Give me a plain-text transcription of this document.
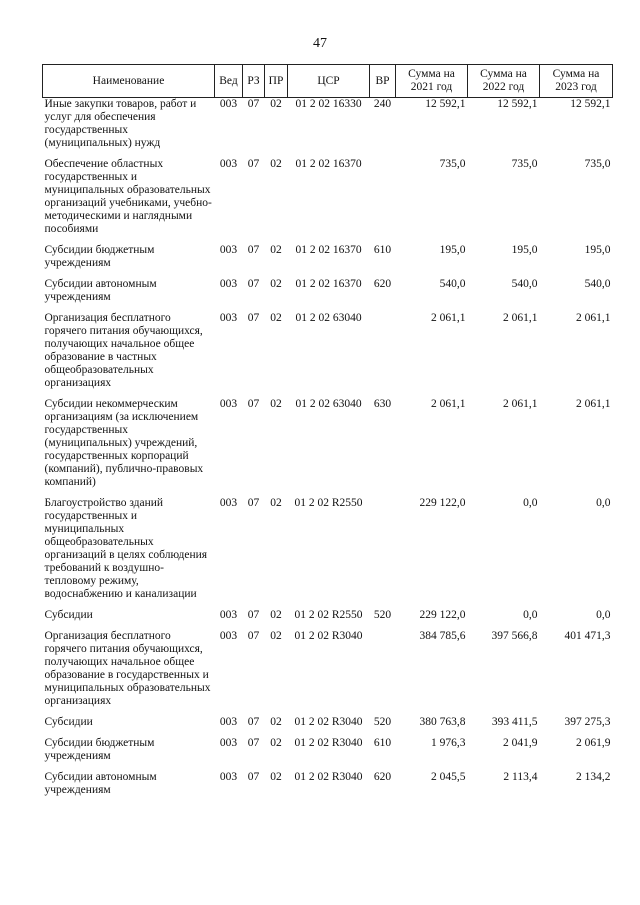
47
Наименование	Вед	РЗ	ПР	ЦСР	ВР	Сумма на 2021 год	Сумма на 2022 год	Сумма на 2023 год
Иные закупки товаров, работ и услуг для обеспечения государственных (муниципальных) нужд	003	07	02	01 2 02 16330	240	12 592,1	12 592,1	12 592,1
Обеспечение областных государственных и муниципальных образовательных организаций учебниками, учебно-методическими и наглядными пособиями	003	07	02	01 2 02 16370		735,0	735,0	735,0
Субсидии бюджетным учреждениям	003	07	02	01 2 02 16370	610	195,0	195,0	195,0
Субсидии автономным учреждениям	003	07	02	01 2 02 16370	620	540,0	540,0	540,0
Организация бесплатного горячего питания обучающихся, получающих начальное общее образование в частных общеобразовательных организациях	003	07	02	01 2 02 63040		2 061,1	2 061,1	2 061,1
Субсидии некоммерческим организациям (за исключением государственных (муниципальных) учреждений, государственных корпораций (компаний), публично-правовых компаний)	003	07	02	01 2 02 63040	630	2 061,1	2 061,1	2 061,1
Благоустройство зданий государственных и муниципальных общеобразовательных организаций в целях соблюдения требований к воздушно-тепловому режиму, водоснабжению и канализации	003	07	02	01 2 02 R2550		229 122,0	0,0	0,0
Субсидии	003	07	02	01 2 02 R2550	520	229 122,0	0,0	0,0
Организация бесплатного горячего питания обучающихся, получающих начальное общее образование в государственных и муниципальных образовательных организациях	003	07	02	01 2 02 R3040		384 785,6	397 566,8	401 471,3
Субсидии	003	07	02	01 2 02 R3040	520	380 763,8	393 411,5	397 275,3
Субсидии бюджетным учреждениям	003	07	02	01 2 02 R3040	610	1 976,3	2 041,9	2 061,9
Субсидии автономным учреждениям	003	07	02	01 2 02 R3040	620	2 045,5	2 113,4	2 134,2
